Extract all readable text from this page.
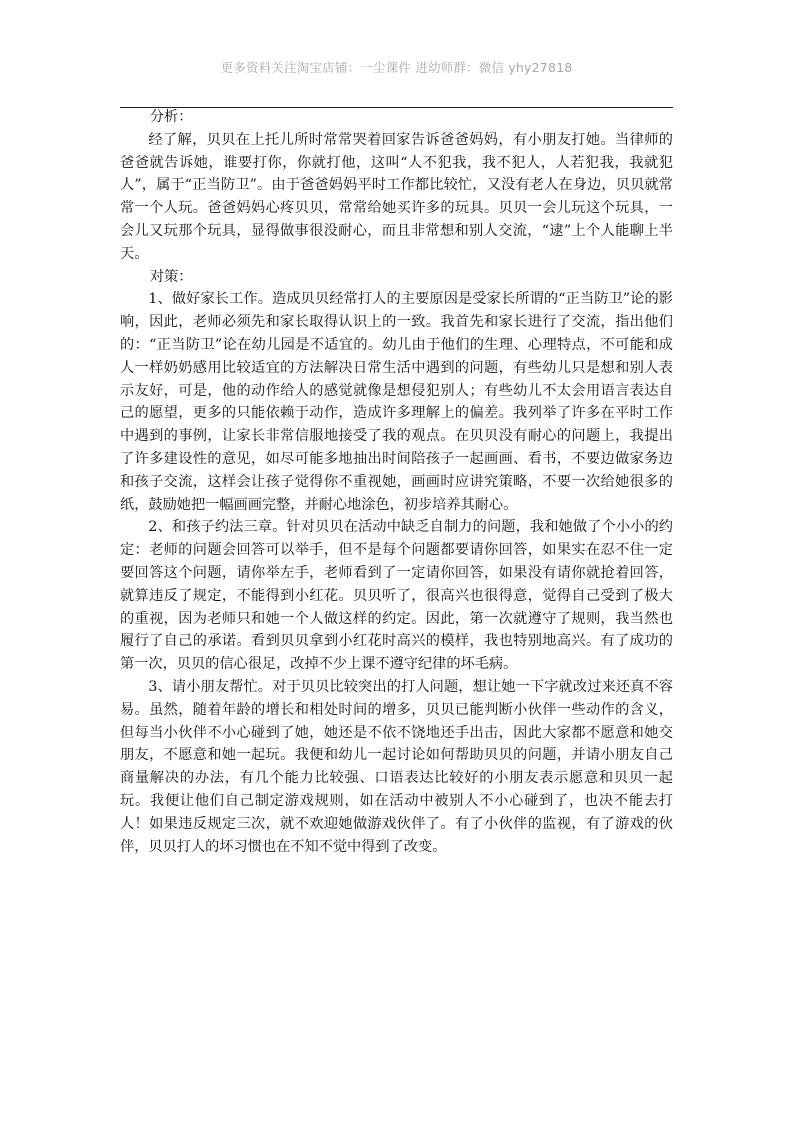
更多资料关注淘宝店铺：一尘课件 进幼师群：微信 yhy27818

分析：

经了解，贝贝在上托儿所时常常哭着回家告诉爸爸妈妈，有小朋友打她。当律师的爸爸就告诉她，谁要打你，你就打他，这叫“人不犯我，我不犯人，人若犯我，我就犯人”，属于“正当防卫”。由于爸爸妈妈平时工作都比较忙，又没有老人在身边，贝贝就常常一个人玩。爸爸妈妈心疼贝贝，常常给她买许多的玩具。贝贝一会儿玩这个玩具，一会儿又玩那个玩具，显得做事很没耐心，而且非常想和别人交流，“逮”上个人能聊上半天。

对策：

1、做好家长工作。造成贝贝经常打人的主要原因是受家长所谓的“正当防卫”论的影响，因此，老师必须先和家长取得认识上的一致。我首先和家长进行了交流，指出他们的：“正当防卫”论在幼儿园是不适宜的。幼儿由于他们的生理、心理特点，不可能和成人一样奶奶感用比较适宜的方法解决日常生活中遇到的问题，有些幼儿只是想和别人表示友好，可是，他的动作给人的感觉就像是想侵犯别人；有些幼儿不太会用语言表达自己的愿望，更多的只能依赖于动作，造成许多理解上的偏差。我列举了许多在平时工作中遇到的事例，让家长非常信服地接受了我的观点。在贝贝没有耐心的问题上，我提出了许多建设性的意见，如尽可能多地抽出时间陪孩子一起画画、看书，不要边做家务边和孩子交流，这样会让孩子觉得你不重视她，画画时应讲究策略，不要一次给她很多的纸，鼓励她把一幅画画完整，并耐心地涂色，初步培养其耐心。

2、和孩子约法三章。针对贝贝在活动中缺乏自制力的问题，我和她做了个小小的约定：老师的问题会回答可以举手，但不是每个问题都要请你回答，如果实在忍不住一定要回答这个问题，请你举左手，老师看到了一定请你回答，如果没有请你就抢着回答，就算违反了规定，不能得到小红花。贝贝听了，很高兴也很得意，觉得自己受到了极大的重视，因为老师只和她一个人做这样的约定。因此，第一次就遵守了规则，我当然也履行了自己的承诺。看到贝贝拿到小红花时高兴的模样，我也特别地高兴。有了成功的第一次，贝贝的信心很足，改掉不少上课不遵守纪律的坏毛病。

3、请小朋友帮忙。对于贝贝比较突出的打人问题，想让她一下字就改过来还真不容易。虽然，随着年龄的增长和相处时间的增多，贝贝已能判断小伙伴一些动作的含义，但每当小伙伴不小心碰到了她，她还是不依不饶地还手出击，因此大家都不愿意和她交朋友，不愿意和她一起玩。我便和幼儿一起讨论如何帮助贝贝的问题，并请小朋友自己商量解决的办法，有几个能力比较强、口语表达比较好的小朋友表示愿意和贝贝一起玩。我便让他们自己制定游戏规则，如在活动中被别人不小心碰到了，也决不能去打人！如果违反规定三次，就不欢迎她做游戏伙伴了。有了小伙伴的监视，有了游戏的伙伴，贝贝打人的坏习惯也在不知不觉中得到了改变。
